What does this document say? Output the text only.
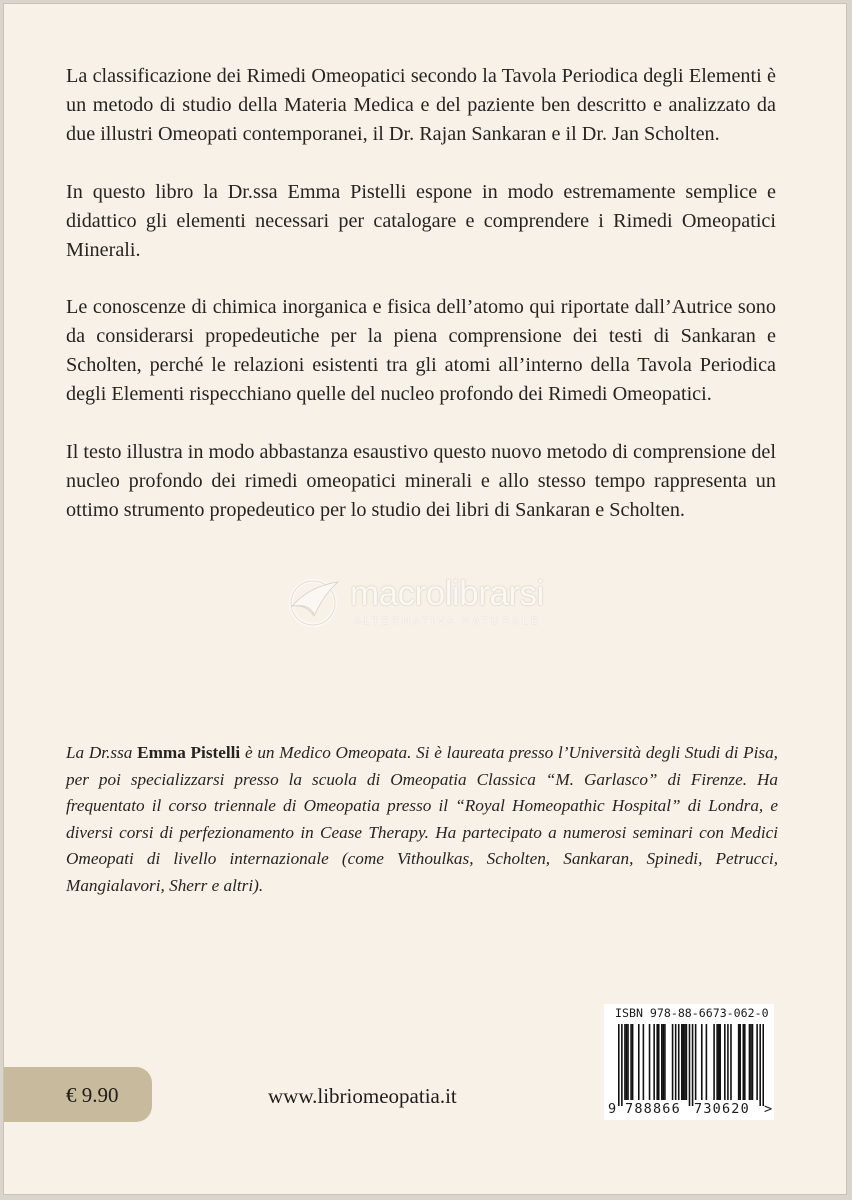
La classificazione dei Rimedi Omeopatici secondo la Tavola Periodica degli Elementi è un metodo di studio della Materia Medica e del paziente ben descritto e analizzato da due illustri Omeopati contemporanei, il Dr. Rajan Sankaran e il Dr. Jan Scholten.

In questo libro la Dr.ssa Emma Pistelli espone in modo estremamente semplice e didattico gli elementi necessari per catalogare e comprendere i Rimedi Omeopatici Minerali.

Le conoscenze di chimica inorganica e fisica dell’atomo qui riportate dall’Autrice sono da considerarsi propedeutiche per la piena comprensione dei testi di Sankaran e Scholten, perché le relazioni esistenti tra gli atomi all’interno della Tavola Periodica degli Elementi rispecchiano quelle del nucleo profondo dei Rimedi Omeopatici.

Il testo illustra in modo abbastanza esaustivo questo nuovo metodo di comprensione del nucleo profondo dei rimedi omeopatici minerali e allo stesso tempo rappresenta un ottimo strumento propedeutico per lo studio dei libri di Sankaran e Scholten.

macrolibrarsi
ALTERNATIVA NATURALE

La Dr.ssa Emma Pistelli è un Medico Omeopata. Si è laureata presso l’Università degli Studi di Pisa, per poi specializzarsi presso la scuola di Omeopatia Classica “M. Garlasco” di Firenze. Ha frequentato il corso triennale di Omeopatia presso il “Royal Homeopathic Hospital” di Londra, e diversi corsi di perfezionamento in Cease Therapy. Ha partecipato a numerosi seminari con Medici Omeopati di livello internazionale (come Vithoulkas, Scholten, Sankaran, Spinedi, Petrucci, Mangialavori, Sherr e altri).

ISBN 978-88-6673-062-0
9 788866 730620 >
€ 9.90	www.libriomeopatia.it
